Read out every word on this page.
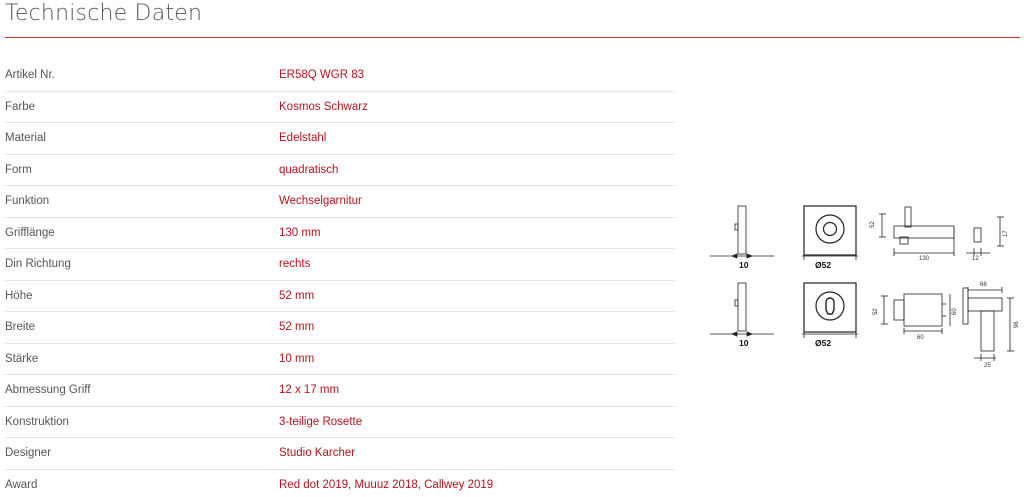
Technische Daten
Artikel Nr.	ER58Q WGR 83
Farbe	Kosmos Schwarz
Material	Edelstahl
Form	quadratisch
Funktion	Wechselgarnitur
Grifflänge	130 mm
Din Richtung	rechts
Höhe	52 mm
Breite	52 mm
Stärke	10 mm
Abmessung Griff	12 x 17 mm
Konstruktion	3-teilige Rosette
Designer	Studio Karcher
Award	Red dot 2019, Muuuz 2018, Callwey 2019
10	Ø52
52
130	12
17
10	Ø52
52
60
60
68
96
25
